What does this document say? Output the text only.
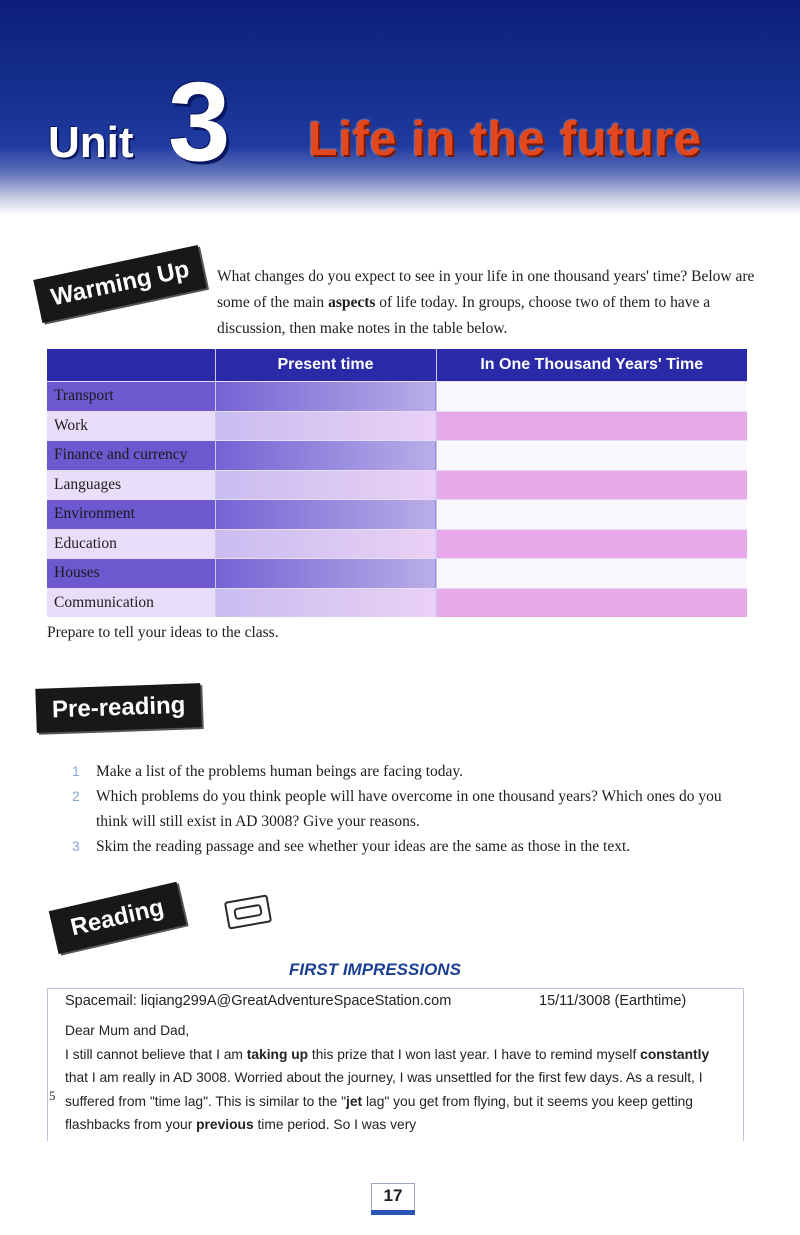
Unit 3 Life in the future
Warming Up	What changes do you expect to see in your life in one thousand years' time? Below are some of the main aspects of life today. In groups, choose two of them to have a discussion, then make notes in the table below.
	Present time	In One Thousand Years' Time
Transport		
Work		
Finance and currency		
Languages		
Environment		
Education		
Houses		
Communication		
Prepare to tell your ideas to the class.
Pre-reading
1 Make a list of the problems human beings are facing today.
2 Which problems do you think people will have overcome in one thousand years? Which ones do you think will still exist in AD 3008? Give your reasons.
3 Skim the reading passage and see whether your ideas are the same as those in the text.
Reading
FIRST IMPRESSIONS
Spacemail: liqiang299A@GreatAdventureSpaceStation.com	15/11/3008 (Earthtime)
Dear Mum and Dad,
I still cannot believe that I am taking up this prize that I won last year. I have to remind myself constantly that I am really in AD 3008. Worried about the journey, I was unsettled for the first few days. As a result, I suffered from "time lag". This is similar to the "jet lag" you get from flying, but it seems you keep getting flashbacks from your previous time period. So I was very
5
17
